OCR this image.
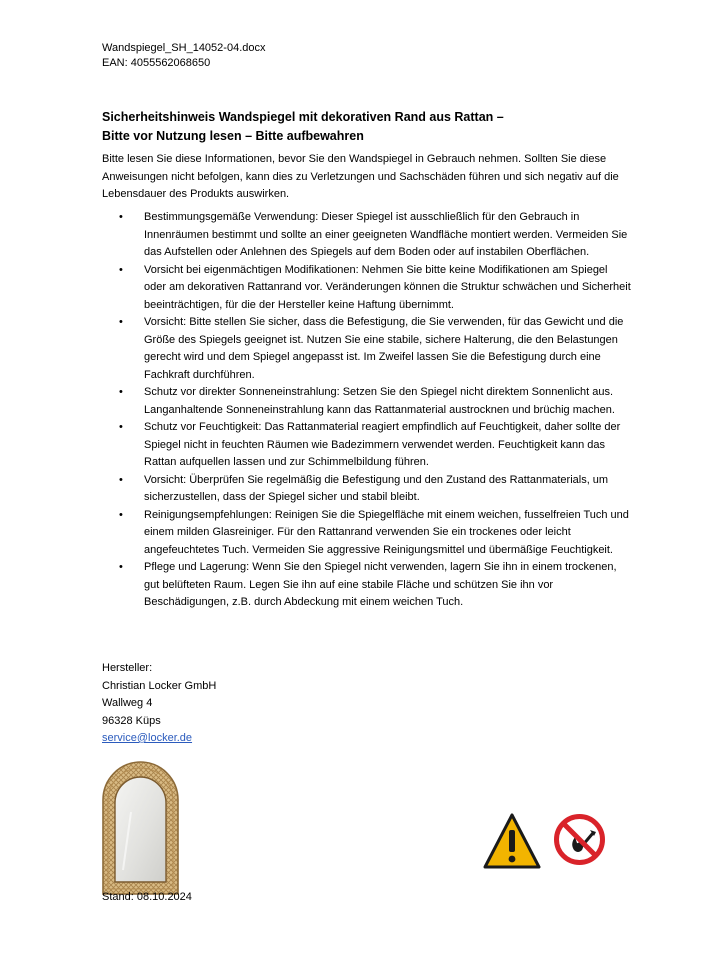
Wandspiegel_SH_14052-04.docx
EAN: 4055562068650
Sicherheitshinweis Wandspiegel mit dekorativen Rand aus Rattan –
Bitte vor Nutzung lesen – Bitte aufbewahren

Bitte lesen Sie diese Informationen, bevor Sie den Wandspiegel in Gebrauch nehmen. Sollten Sie diese Anweisungen nicht befolgen, kann dies zu Verletzungen und Sachschäden führen und sich negativ auf die Lebensdauer des Produkts auswirken.

• Bestimmungsgemäße Verwendung: Dieser Spiegel ist ausschließlich für den Gebrauch in Innenräumen bestimmt und sollte an einer geeigneten Wandfläche montiert werden. Vermeiden Sie das Aufstellen oder Anlehnen des Spiegels auf dem Boden oder auf instabilen Oberflächen.
• Vorsicht bei eigenmächtigen Modifikationen: Nehmen Sie bitte keine Modifikationen am Spiegel oder am dekorativen Rattanrand vor. Veränderungen können die Struktur schwächen und Sicherheit beeinträchtigen, für die der Hersteller keine Haftung übernimmt.
• Vorsicht: Bitte stellen Sie sicher, dass die Befestigung, die Sie verwenden, für das Gewicht und die Größe des Spiegels geeignet ist. Nutzen Sie eine stabile, sichere Halterung, die den Belastungen gerecht wird und dem Spiegel angepasst ist. Im Zweifel lassen Sie die Befestigung durch eine Fachkraft durchführen.
• Schutz vor direkter Sonneneinstrahlung: Setzen Sie den Spiegel nicht direktem Sonnenlicht aus. Langanhaltende Sonneneinstrahlung kann das Rattanmaterial austrocknen und brüchig machen.
• Schutz vor Feuchtigkeit: Das Rattanmaterial reagiert empfindlich auf Feuchtigkeit, daher sollte der Spiegel nicht in feuchten Räumen wie Badezimmern verwendet werden. Feuchtigkeit kann das Rattan aufquellen lassen und zur Schimmelbildung führen.
• Vorsicht: Überprüfen Sie regelmäßig die Befestigung und den Zustand des Rattanmaterials, um sicherzustellen, dass der Spiegel sicher und stabil bleibt.
• Reinigungsempfehlungen: Reinigen Sie die Spiegelfläche mit einem weichen, fusselfreien Tuch und einem milden Glasreiniger. Für den Rattanrand verwenden Sie ein trockenes oder leicht angefeuchtetes Tuch. Vermeiden Sie aggressive Reinigungsmittel und übermäßige Feuchtigkeit.
• Pflege und Lagerung: Wenn Sie den Spiegel nicht verwenden, lagern Sie ihn in einem trockenen, gut belüfteten Raum. Legen Sie ihn auf eine stabile Fläche und schützen Sie ihn vor Beschädigungen, z.B. durch Abdeckung mit einem weichen Tuch.
Hersteller:
Christian Locker GmbH
Wallweg 4
96328 Küps
service@locker.de
Stand: 08.10.2024
